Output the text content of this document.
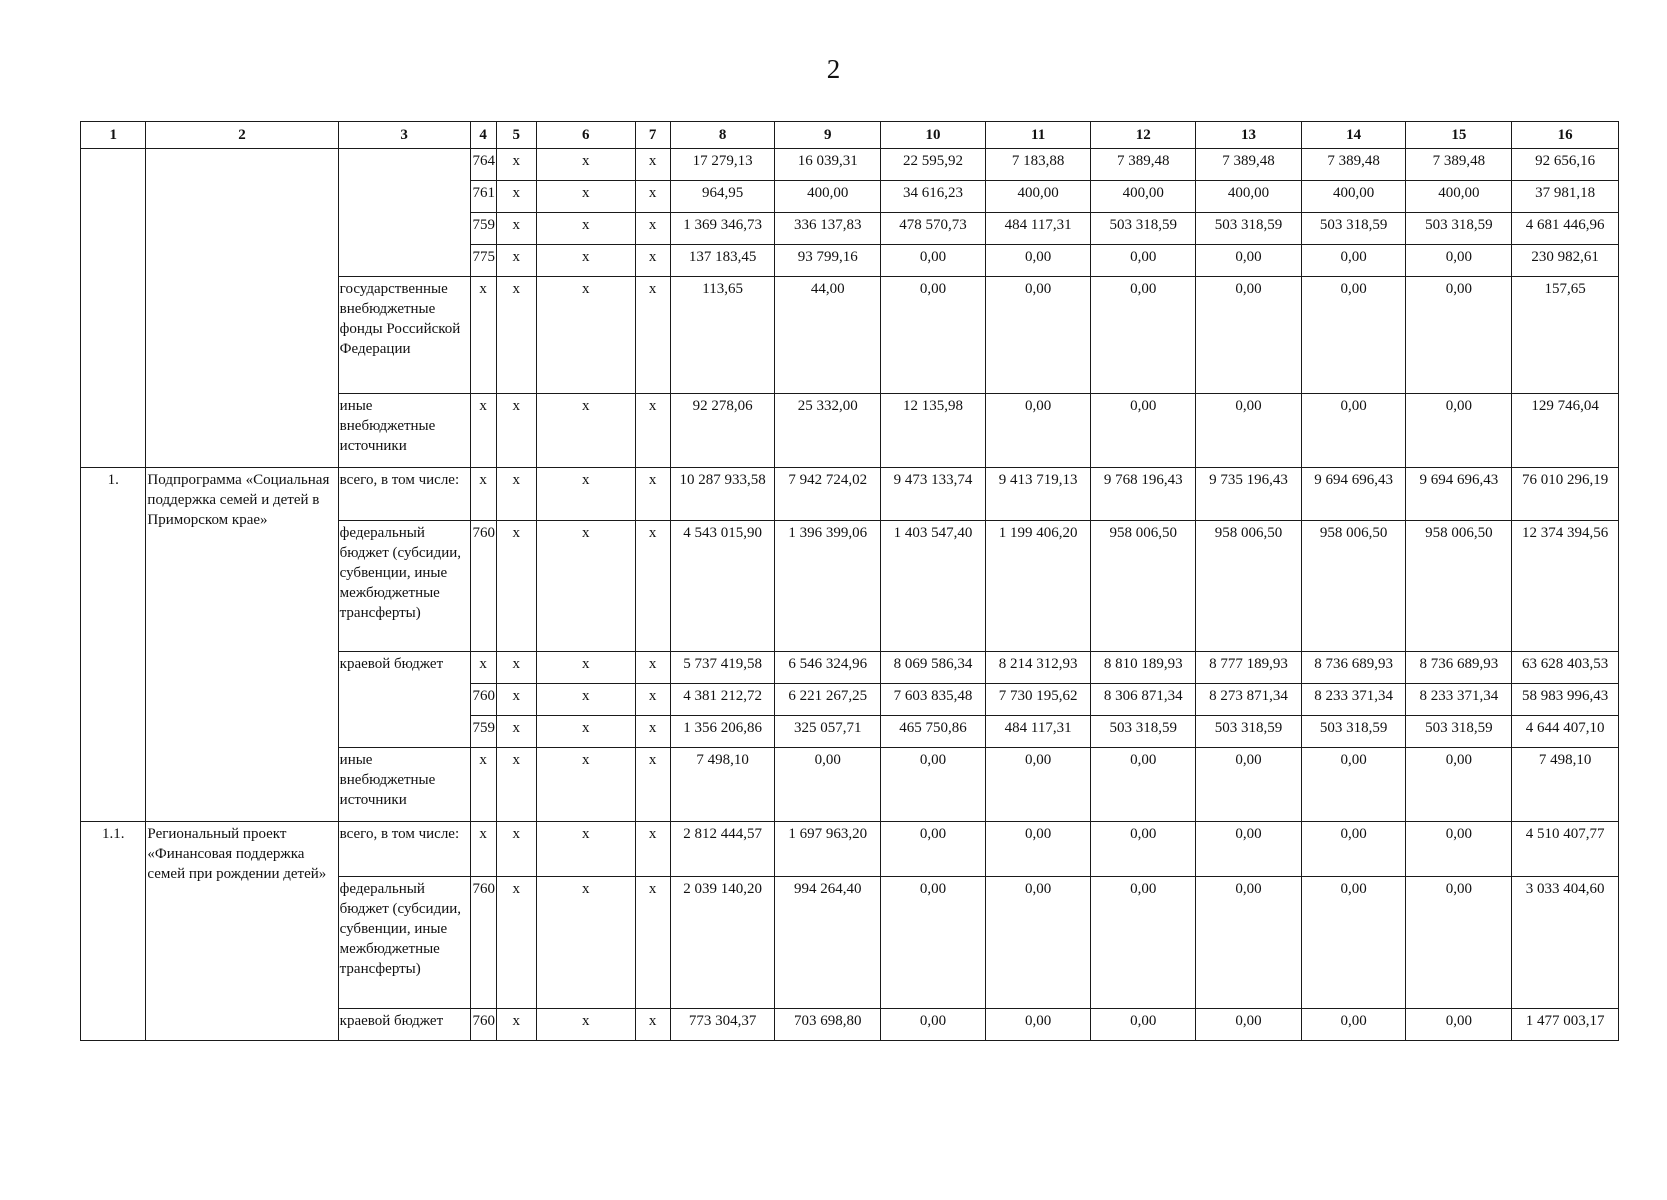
2
1	2	3	4	5	6	7	8	9	10	11	12	13	14	15	16
			764	x	x	x	17 279,13	16 039,31	22 595,92	7 183,88	7 389,48	7 389,48	7 389,48	7 389,48	92 656,16
			761	x	x	x	964,95	400,00	34 616,23	400,00	400,00	400,00	400,00	400,00	37 981,18
			759	x	x	x	1 369 346,73	336 137,83	478 570,73	484 117,31	503 318,59	503 318,59	503 318,59	503 318,59	4 681 446,96
			775	x	x	x	137 183,45	93 799,16	0,00	0,00	0,00	0,00	0,00	0,00	230 982,61
		государственные внебюджетные фонды Российской Федерации	x	x	x	x	113,65	44,00	0,00	0,00	0,00	0,00	0,00	0,00	157,65
		иные внебюджетные источники	x	x	x	x	92 278,06	25 332,00	12 135,98	0,00	0,00	0,00	0,00	0,00	129 746,04
1.	Подпрограмма «Социальная поддержка семей и детей в Приморском крае»	всего, в том числе:	x	x	x	x	10 287 933,58	7 942 724,02	9 473 133,74	9 413 719,13	9 768 196,43	9 735 196,43	9 694 696,43	9 694 696,43	76 010 296,19
		федеральный бюджет (субсидии, субвенции, иные межбюджетные трансферты)	760	x	x	x	4 543 015,90	1 396 399,06	1 403 547,40	1 199 406,20	958 006,50	958 006,50	958 006,50	958 006,50	12 374 394,56
		краевой бюджет	x	x	x	x	5 737 419,58	6 546 324,96	8 069 586,34	8 214 312,93	8 810 189,93	8 777 189,93	8 736 689,93	8 736 689,93	63 628 403,53
			760	x	x	x	4 381 212,72	6 221 267,25	7 603 835,48	7 730 195,62	8 306 871,34	8 273 871,34	8 233 371,34	8 233 371,34	58 983 996,43
			759	x	x	x	1 356 206,86	325 057,71	465 750,86	484 117,31	503 318,59	503 318,59	503 318,59	503 318,59	4 644 407,10
		иные внебюджетные источники	x	x	x	x	7 498,10	0,00	0,00	0,00	0,00	0,00	0,00	0,00	7 498,10
1.1.	Региональный проект «Финансовая поддержка семей при рождении детей»	всего, в том числе:	x	x	x	x	2 812 444,57	1 697 963,20	0,00	0,00	0,00	0,00	0,00	0,00	4 510 407,77
		федеральный бюджет (субсидии, субвенции, иные межбюджетные трансферты)	760	x	x	x	2 039 140,20	994 264,40	0,00	0,00	0,00	0,00	0,00	0,00	3 033 404,60
		краевой бюджет	760	x	x	x	773 304,37	703 698,80	0,00	0,00	0,00	0,00	0,00	0,00	1 477 003,17
